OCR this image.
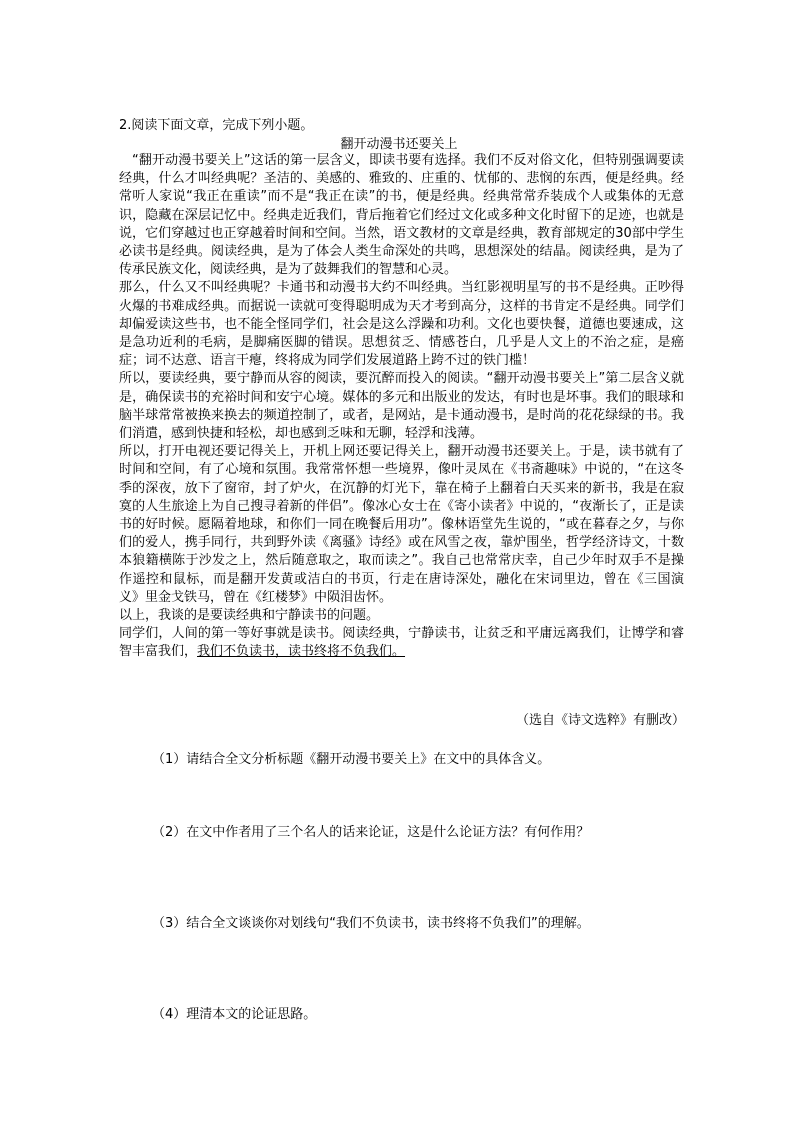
2.阅读下面文章，完成下列小题。
翻开动漫书还要关上

“翻开动漫书要关上”这话的第一层含义，即读书要有选择。我们不反对俗文化，但特别强调要读经典，什么才叫经典呢？圣洁的、美感的、雅致的、庄重的、忧郁的、悲悯的东西，便是经典。经常听人家说“我正在重读”而不是“我正在读”的书，便是经典。经典常常乔装成个人或集体的无意识，隐藏在深层记忆中。经典走近我们，背后拖着它们经过文化或多种文化时留下的足迹，也就是说，它们穿越过也正穿越着时间和空间。当然，语文教材的文章是经典，教育部规定的30部中学生必读书是经典。阅读经典，是为了体会人类生命深处的共鸣，思想深处的结晶。阅读经典，是为了传承民族文化，阅读经典，是为了鼓舞我们的智慧和心灵。

那么，什么又不叫经典呢？卡通书和动漫书大约不叫经典。当红影视明星写的书不是经典。正吵得火爆的书难成经典。而据说一读就可变得聪明成为天才考到高分，这样的书肯定不是经典。同学们却偏爱读这些书，也不能全怪同学们，社会是这么浮躁和功利。文化也要快餐，道德也要速成，这是急功近利的毛病，是脚痛医脚的错误。思想贫乏、情感苍白，几乎是人文上的不治之症，是癌症；词不达意、语言干瘪，终将成为同学们发展道路上跨不过的铁门槛！

所以，要读经典，要宁静而从容的阅读，要沉醉而投入的阅读。“翻开动漫书要关上”第二层含义就是，确保读书的充裕时间和安宁心境。媒体的多元和出版业的发达，有时也是坏事。我们的眼球和脑半球常常被换来换去的频道控制了，或者，是网站，是卡通动漫书，是时尚的花花绿绿的书。我们消遣，感到快捷和轻松，却也感到乏味和无聊，轻浮和浅薄。

所以，打开电视还要记得关上，开机上网还要记得关上，翻开动漫书还要关上。于是，读书就有了时间和空间，有了心境和氛围。我常常怀想一些境界，像叶灵凤在《书斋趣味》中说的，“在这冬季的深夜，放下了窗帘，封了炉火，在沉静的灯光下，靠在椅子上翻着白天买来的新书，我是在寂寞的人生旅途上为自己搜寻着新的伴侣”。像冰心女士在《寄小读者》中说的，“夜渐长了，正是读书的好时候。愿隔着地球，和你们一同在晚餐后用功”。像林语堂先生说的，“或在暮春之夕，与你们的爱人，携手同行，共到野外读《离骚》诗经》或在风雪之夜，靠炉围坐，哲学经济诗文，十数本狼籍横陈于沙发之上，然后随意取之，取而读之”。我自己也常常庆幸，自己少年时双手不是操作遥控和鼠标，而是翻开发黄或洁白的书页，行走在唐诗深处，融化在宋词里边，曾在《三国演义》里金戈铁马，曾在《红楼梦》中陨泪齿怀。

以上，我谈的是要读经典和宁静读书的问题。

同学们，人间的第一等好事就是读书。阅读经典，宁静读书，让贫乏和平庸远离我们，让博学和睿智丰富我们，我们不负读书，读书终将不负我们。

（选自《诗文选粹》有删改）
（1）请结合全文分析标题《翻开动漫书要关上》在文中的具体含义。
（2）在文中作者用了三个名人的话来论证，这是什么论证方法？有何作用？
（3）结合全文谈谈你对划线句“我们不负读书，读书终将不负我们”的理解。
（4）理清本文的论证思路。
